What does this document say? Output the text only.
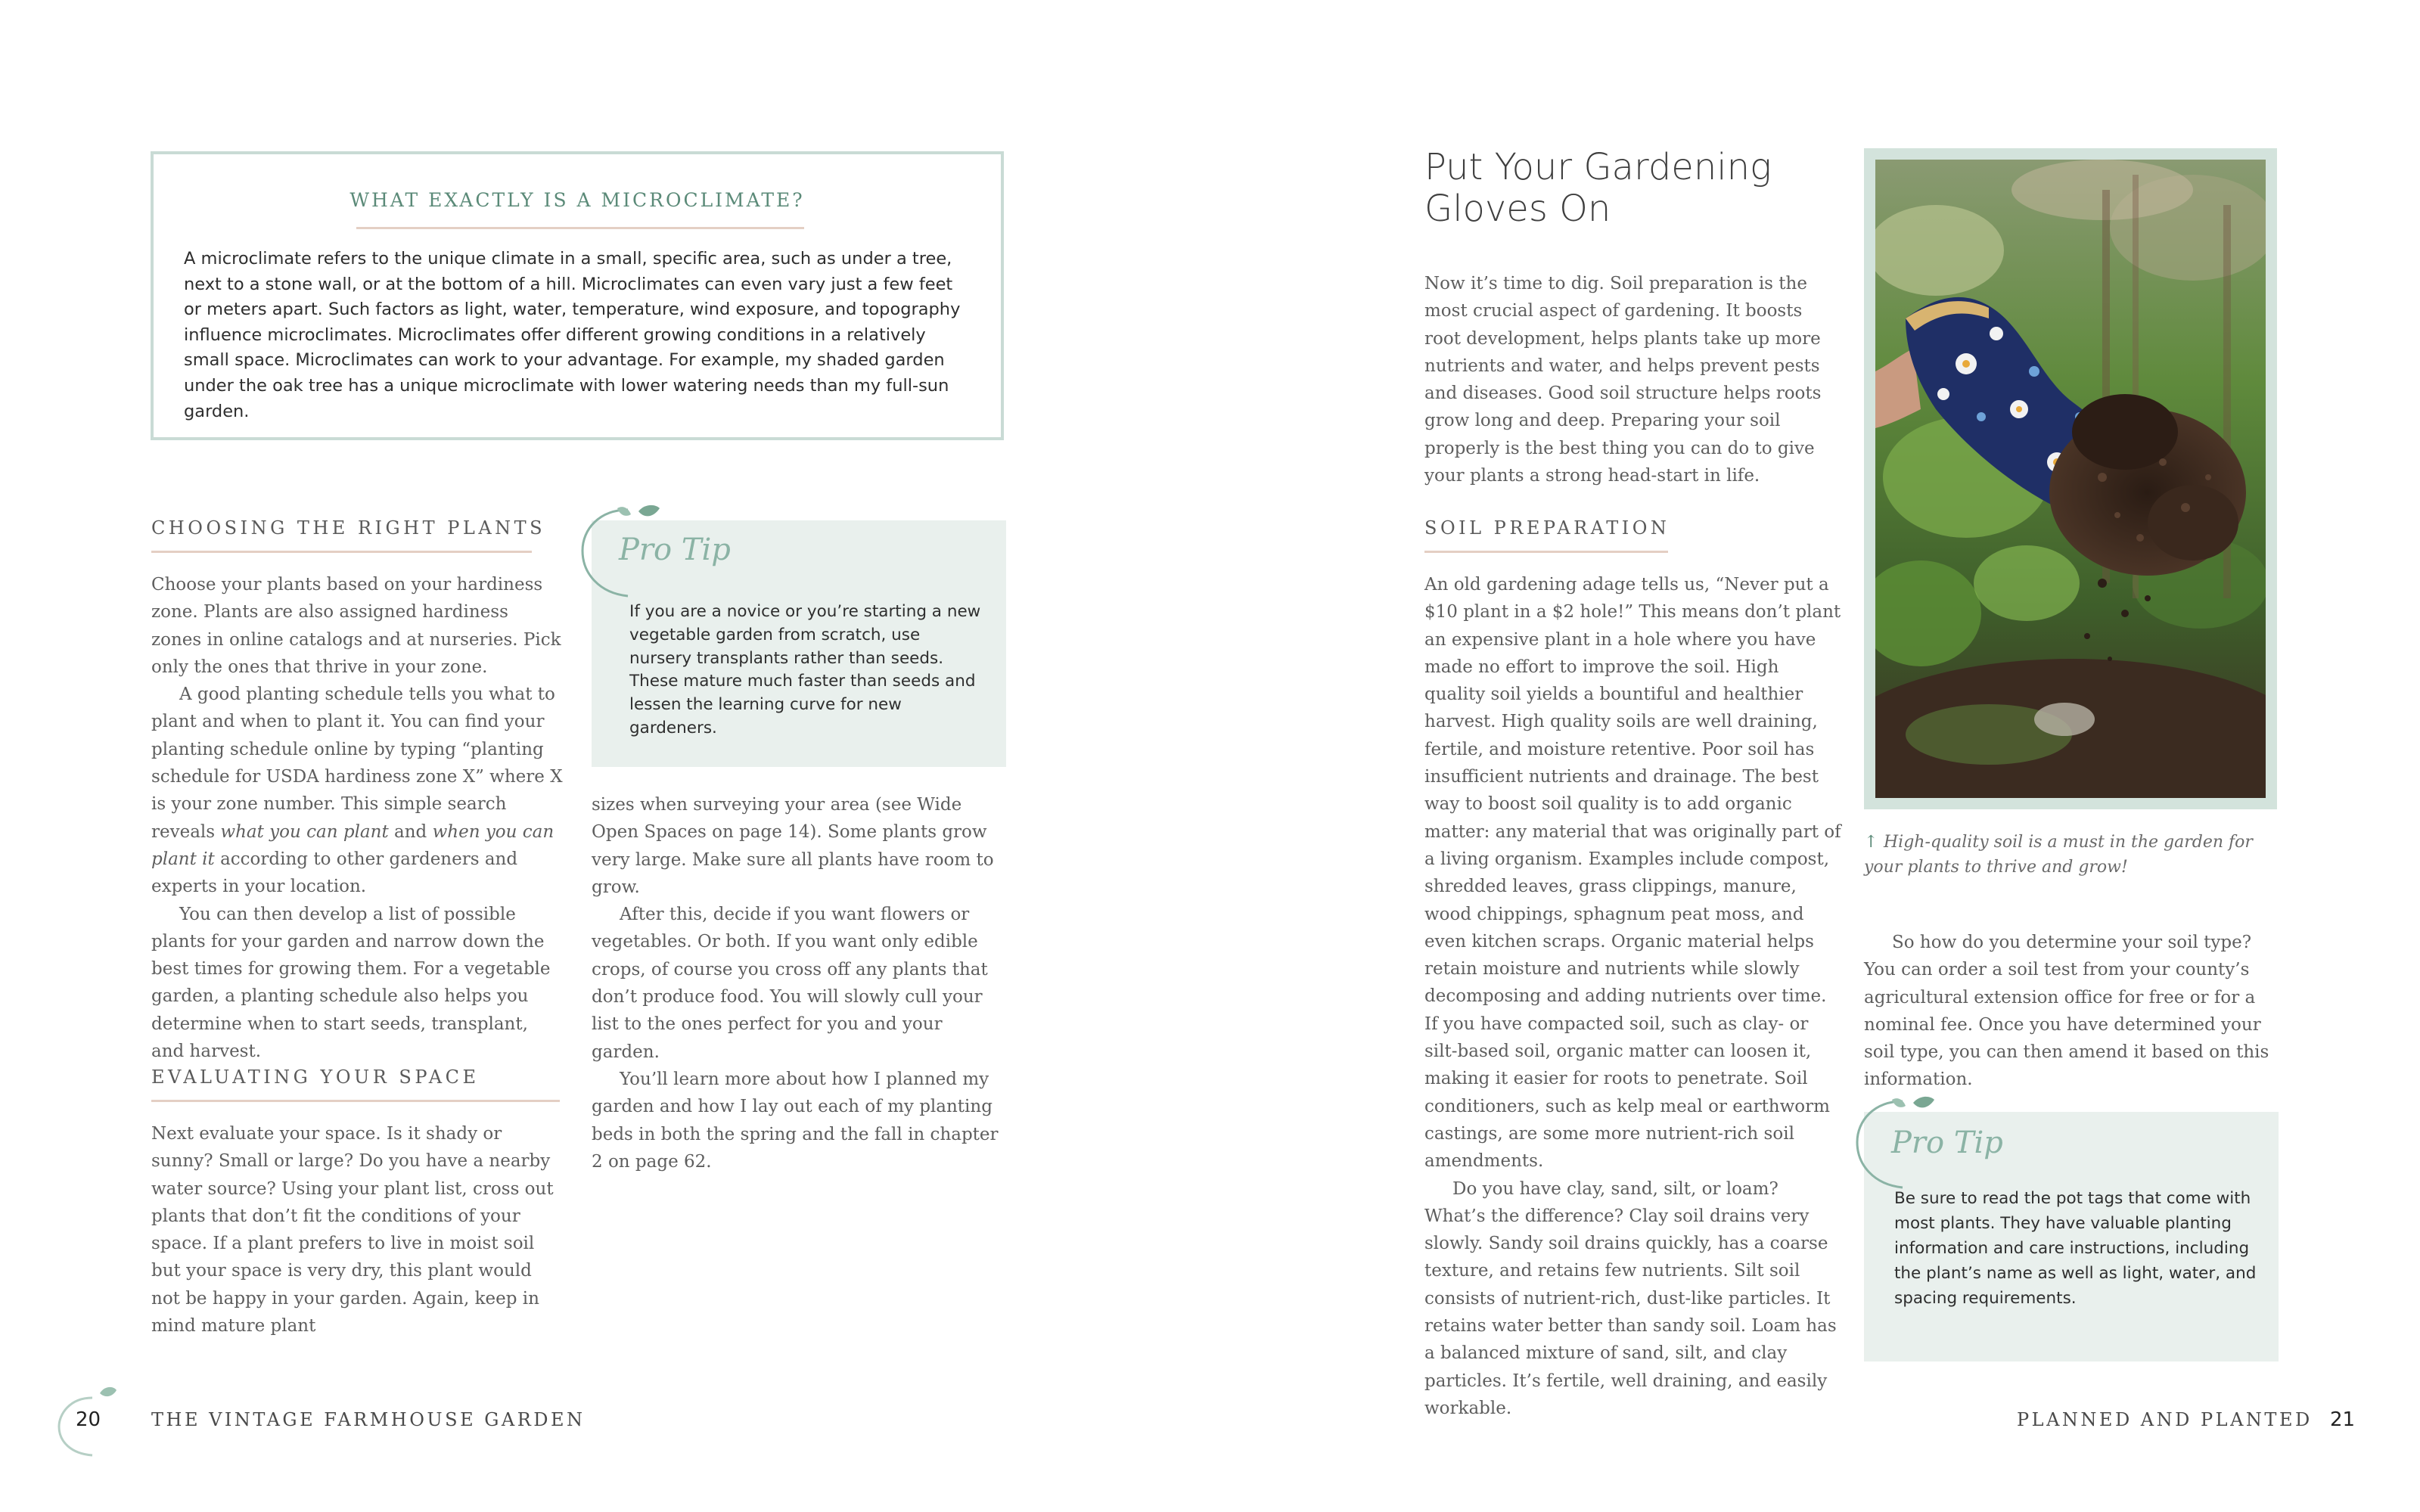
WHAT EXACTLY IS A MICROCLIMATE?
A microclimate refers to the unique climate in a small, specific area, such as under a tree, next to a stone wall, or at the bottom of a hill. Microclimates can even vary just a few feet or meters apart. Such factors as light, water, temperature, wind exposure, and topography influence microclimates. Microclimates offer different growing conditions in a relatively small space. Microclimates can work to your advantage. For example, my shaded garden under the oak tree has a unique microclimate with lower watering needs than my full-sun garden.
CHOOSING THE RIGHT PLANTS

Choose your plants based on your hardiness zone. Plants are also assigned hardiness zones in online catalogs and at nurseries. Pick only the ones that thrive in your zone.

A good planting schedule tells you what to plant and when to plant it. You can find your planting schedule online by typing “planting schedule for USDA hardiness zone X” where X is your zone number. This simple search reveals what you can plant and when you can plant it according to other gardeners and experts in your location.

You can then develop a list of possible plants for your garden and narrow down the best times for growing them. For a vegetable garden, a planting schedule also helps you determine when to start seeds, transplant, and harvest.

EVALUATING YOUR SPACE

Next evaluate your space. Is it shady or sunny? Small or large? Do you have a nearby water source? Using your plant list, cross out plants that don’t fit the conditions of your space. If a plant prefers to live in moist soil but your space is very dry, this plant would not be happy in your garden. Again, keep in mind mature plant

If you are a novice or you’re starting a new vegetable garden from scratch, use nursery transplants rather than seeds. These mature much faster than seeds and lessen the learning curve for new gardeners.
Pro Tip

sizes when surveying your area (see Wide Open Spaces on page 14). Some plants grow very large. Make sure all plants have room to grow.

After this, decide if you want flowers or vegetables. Or both. If you want only edible crops, of course you cross off any plants that don’t produce food. You will slowly cull your list to the ones perfect for you and your garden.

You’ll learn more about how I planned my garden and how I lay out each of my planting beds in both the spring and the fall in chapter 2 on page 62.

20	THE VINTAGE FARMHOUSE GARDEN
Put Your Gardening Gloves On

Now it’s time to dig. Soil preparation is the most crucial aspect of gardening. It boosts root development, helps plants take up more nutrients and water, and helps prevent pests and diseases. Good soil structure helps roots grow long and deep. Preparing your soil properly is the best thing you can do to give your plants a strong head-start in life.

SOIL PREPARATION

An old gardening adage tells us, “Never put a $10 plant in a $2 hole!” This means don’t plant an expensive plant in a hole where you have made no effort to improve the soil. High quality soil yields a bountiful and healthier harvest. High quality soils are well draining, fertile, and moisture retentive. Poor soil has insufficient nutrients and drainage. The best way to boost soil quality is to add organic matter: any material that was originally part of a living organism. Examples include compost, shredded leaves, grass clippings, manure, wood chippings, sphagnum peat moss, and even kitchen scraps. Organic material helps retain moisture and nutrients while slowly decomposing and adding nutrients over time. If you have compacted soil, such as clay- or silt-based soil, organic matter can loosen it, making it easier for roots to penetrate. Soil conditioners, such as kelp meal or earthworm castings, are some more nutrient-rich soil amendments.

Do you have clay, sand, silt, or loam? What’s the difference? Clay soil drains very slowly. Sandy soil drains quickly, has a coarse texture, and retains few nutrients. Silt soil consists of nutrient-rich, dust-like particles. It retains water better than sandy soil. Loam has a balanced mixture of sand, silt, and clay particles. It’s fertile, well draining, and easily workable.

↑ High-quality soil is a must in the garden for your plants to thrive and grow!

So how do you determine your soil type? You can order a soil test from your county’s agricultural extension office for free or for a nominal fee. Once you have determined your soil type, you can then amend it based on this information.

Be sure to read the pot tags that come with most plants. They have valuable planting information and care instructions, including the plant’s name as well as light, water, and spacing requirements.
Pro Tip
PLANNED AND PLANTED 21
